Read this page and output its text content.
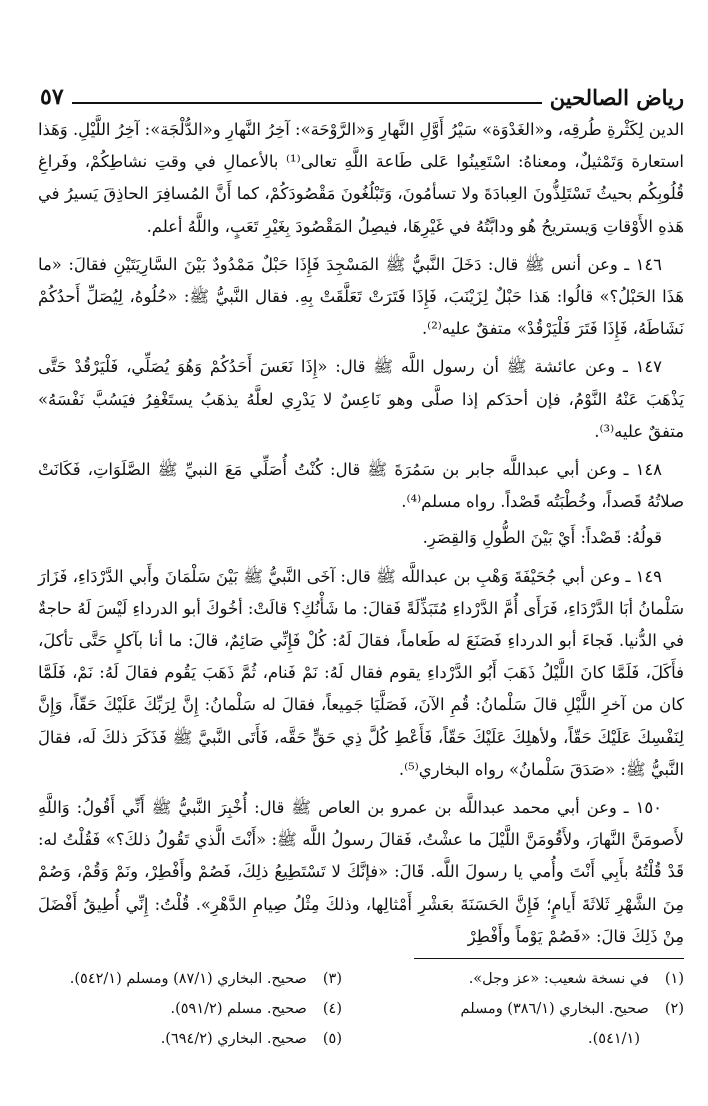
رياض الصالحين
٥٧

الدين لِكَثْرةِ طُرقِه، و«الغَدْوَة» سَيْرُ أَوَّلِ النَّهارِ وَ«الرَّوْحَة»: آخِرُ النَّهارِ و«الدُّلْجَة»: آخِرُ اللَّيْلِ. وَهَذا استعارة وَتَمْثيلٌ، ومعناهُ: اسْتَعِينُوا عَلى طَاعة اللَّهِ تعالى⁽¹⁾ بالأعمالِ في وقتِ نشاطِكُمْ، وفَراغِ قُلُوبِكُم بحيثُ تَسْتَلِذُّونَ العِبادَةَ ولا تسأمُونَ، وَتَبْلُغُونَ مَقْصُودَكُمْ، كما أَنَّ المُسافِرَ الحاذِقَ يَسيرُ في هَذهِ الأَوْقاتِ وَيستريحُ هُو ودابَّتُهُ في غَيْرِهَا، فيصِلُ المَقْصُودَ بِغَيْرِ تَعَبٍ، واللَّهُ أعلم.

١٤٦ ـ وعن أنس ﷺ قال: دَخَلَ النَّبيُّ ﷺ المَسْجِدَ فَإِذَا حَبْلٌ مَمْدُودٌ بَيْنَ السَّارِيَتَيْنِ فقالَ: «ما هَذَا الحَبْلُ؟» قالُوا: هَذا حَبْلٌ لِزَيْنَبَ، فَإِذَا فَتَرَتْ تَعَلَّقَتْ بِهِ. فقال النَّبيُّ ﷺ: «حُلُوهُ، لِيُصَلِّ أَحدُكُمْ نَشَاطَهُ، فَإِذَا فَتَرَ فَلْيَرْقُدْ» متفقٌ عليه⁽²⁾.

١٤٧ ـ وعن عائشة ﷺ أن رسول اللَّه ﷺ قال: «إِذَا نَعَسَ أَحَدُكُمْ وَهُوَ يُصَلِّي، فَلْيَرْقُدْ حَتَّى يَذْهَبَ عَنْهُ النَّوْمُ، فإن أحدَكم إذا صلَّى وهو نَاعِسٌ لا يَدْرِي لعلَّهُ يذهَبُ يستَغْفِرُ فيَسُبَّ نَفْسَهُ» متفقٌ عليه⁽³⁾.

١٤٨ ـ وعن أبي عبداللَّه جابر بن سَمُرَةَ ﷺ قال: كُنْتُ أُصَلِّي مَعَ النبيِّ ﷺ الصَّلَوَاتِ، فَكَانَتْ صلاتُهُ قَصداً، وخُطْبَتُه قَصْداً. رواه مسلم⁽⁴⁾.

قولُهُ: قَصْداً: أَيْ بَيْنَ الطُّولِ وَالقِصَرِ.

١٤٩ ـ وعن أبي جُحَيْفَةَ وَهْبِ بن عبداللَّه ﷺ قال: آخَى النَّبيُّ ﷺ بَيْنَ سَلْمَانَ وأَبي الدَّرْدَاءِ، فَزَارَ سَلْمانُ أبَا الدَّرْدَاءِ، فَرَأَى أُمَّ الدَّرْداءِ مُتَبَذِّلَةً فَقالَ: ما شَأْنُكِ؟ قالَتْ: أخُوكَ أبو الدرداءِ لَيْسَ لَهُ حاجةٌ في الدُّنيا. فَجاءَ أبو الدرداءِ فَصَنَعَ له طَعاماً، فقالَ لَهُ: كُلْ فَإِنِّي صَائِمٌ، قالَ: ما أنا بآكلٍ حَتَّى تأكلَ، فأَكَلَ، فَلَمَّا كانَ اللَّيْلُ ذَهَبَ أَبُو الدَّرْداءِ يقوم فقال لَهُ: نَمْ فَنام، ثُمَّ ذَهَبَ يَقُوم فقالَ لَهُ: نَمْ، فَلَمَّا كان من آخرِ اللَّيْلِ قالَ سَلْمانُ: قُمِ الآنَ، فَصَلَّيَا جَمِيعاً، فقالَ له سَلْمانُ: إِنَّ لِرَبِّكَ عَلَيْكَ حَقّاً، وَإِنَّ لِنَفْسِكَ عَلَيْكَ حَقّاً، ولأهلِكَ عَلَيْكَ حَقّاً، فَأَعْطِ كُلَّ ذِي حَقٍّ حَقَّه، فَأَتَى النَّبيَّ ﷺ فَذَكَرَ ذلكَ لَه، فقالَ النَّبيُّ ﷺ: «صَدَقَ سَلْمانُ» رواه البخاري⁽⁵⁾.

١٥٠ ـ وعن أبي محمد عبداللَّه بن عمرو بن العاص ﷺ قال: أُخْبِرَ النَّبيُّ ﷺ أَنِّي أَقُولُ: وَاللَّهِ لأَصومَنَّ النَّهارَ، ولأَقُومَنَّ اللَّيْلَ ما عشْتُ، فَقالَ رسولُ اللَّه ﷺ: «أَنْتَ الَّذي تَقُولُ ذلكَ؟» فَقُلْتُ له: قَدْ قُلْتُهُ بأَبِي أَنْتَ وأُمي يا رسولَ اللَّه. قَالَ: «فإنَّكَ لا تَسْتَطِيعُ ذلِكَ، فَصُمْ وأَفْطِرْ، ونَمْ وَقُمْ، وَصُمْ مِنَ الشَّهْرِ ثَلاثَةَ أَيامٍ؛ فَإِنَّ الحَسَنَةَ بعَشْرِ أَمْثالِها، وذلكَ مِثْلُ صِيامِ الدَّهْرِ». قُلْتُ: إِنِّي أُطِيقُ أَفْضَلَ مِنْ ذَلِكَ قالَ: «فَصُمْ يَوْماً وأَفْطِرْ

(١)
في نسخة شعيب: «عز وجل».
(٢)
صحيح. البخاري (٣٨٦/١) ومسلم
(٥٤١/١).
(٣)
صحيح. البخاري (٨٧/١) ومسلم (٥٤٢/١).
(٤)
صحيح. مسلم (٥٩١/٢).
(٥)
صحيح. البخاري (٦٩٤/٢).
